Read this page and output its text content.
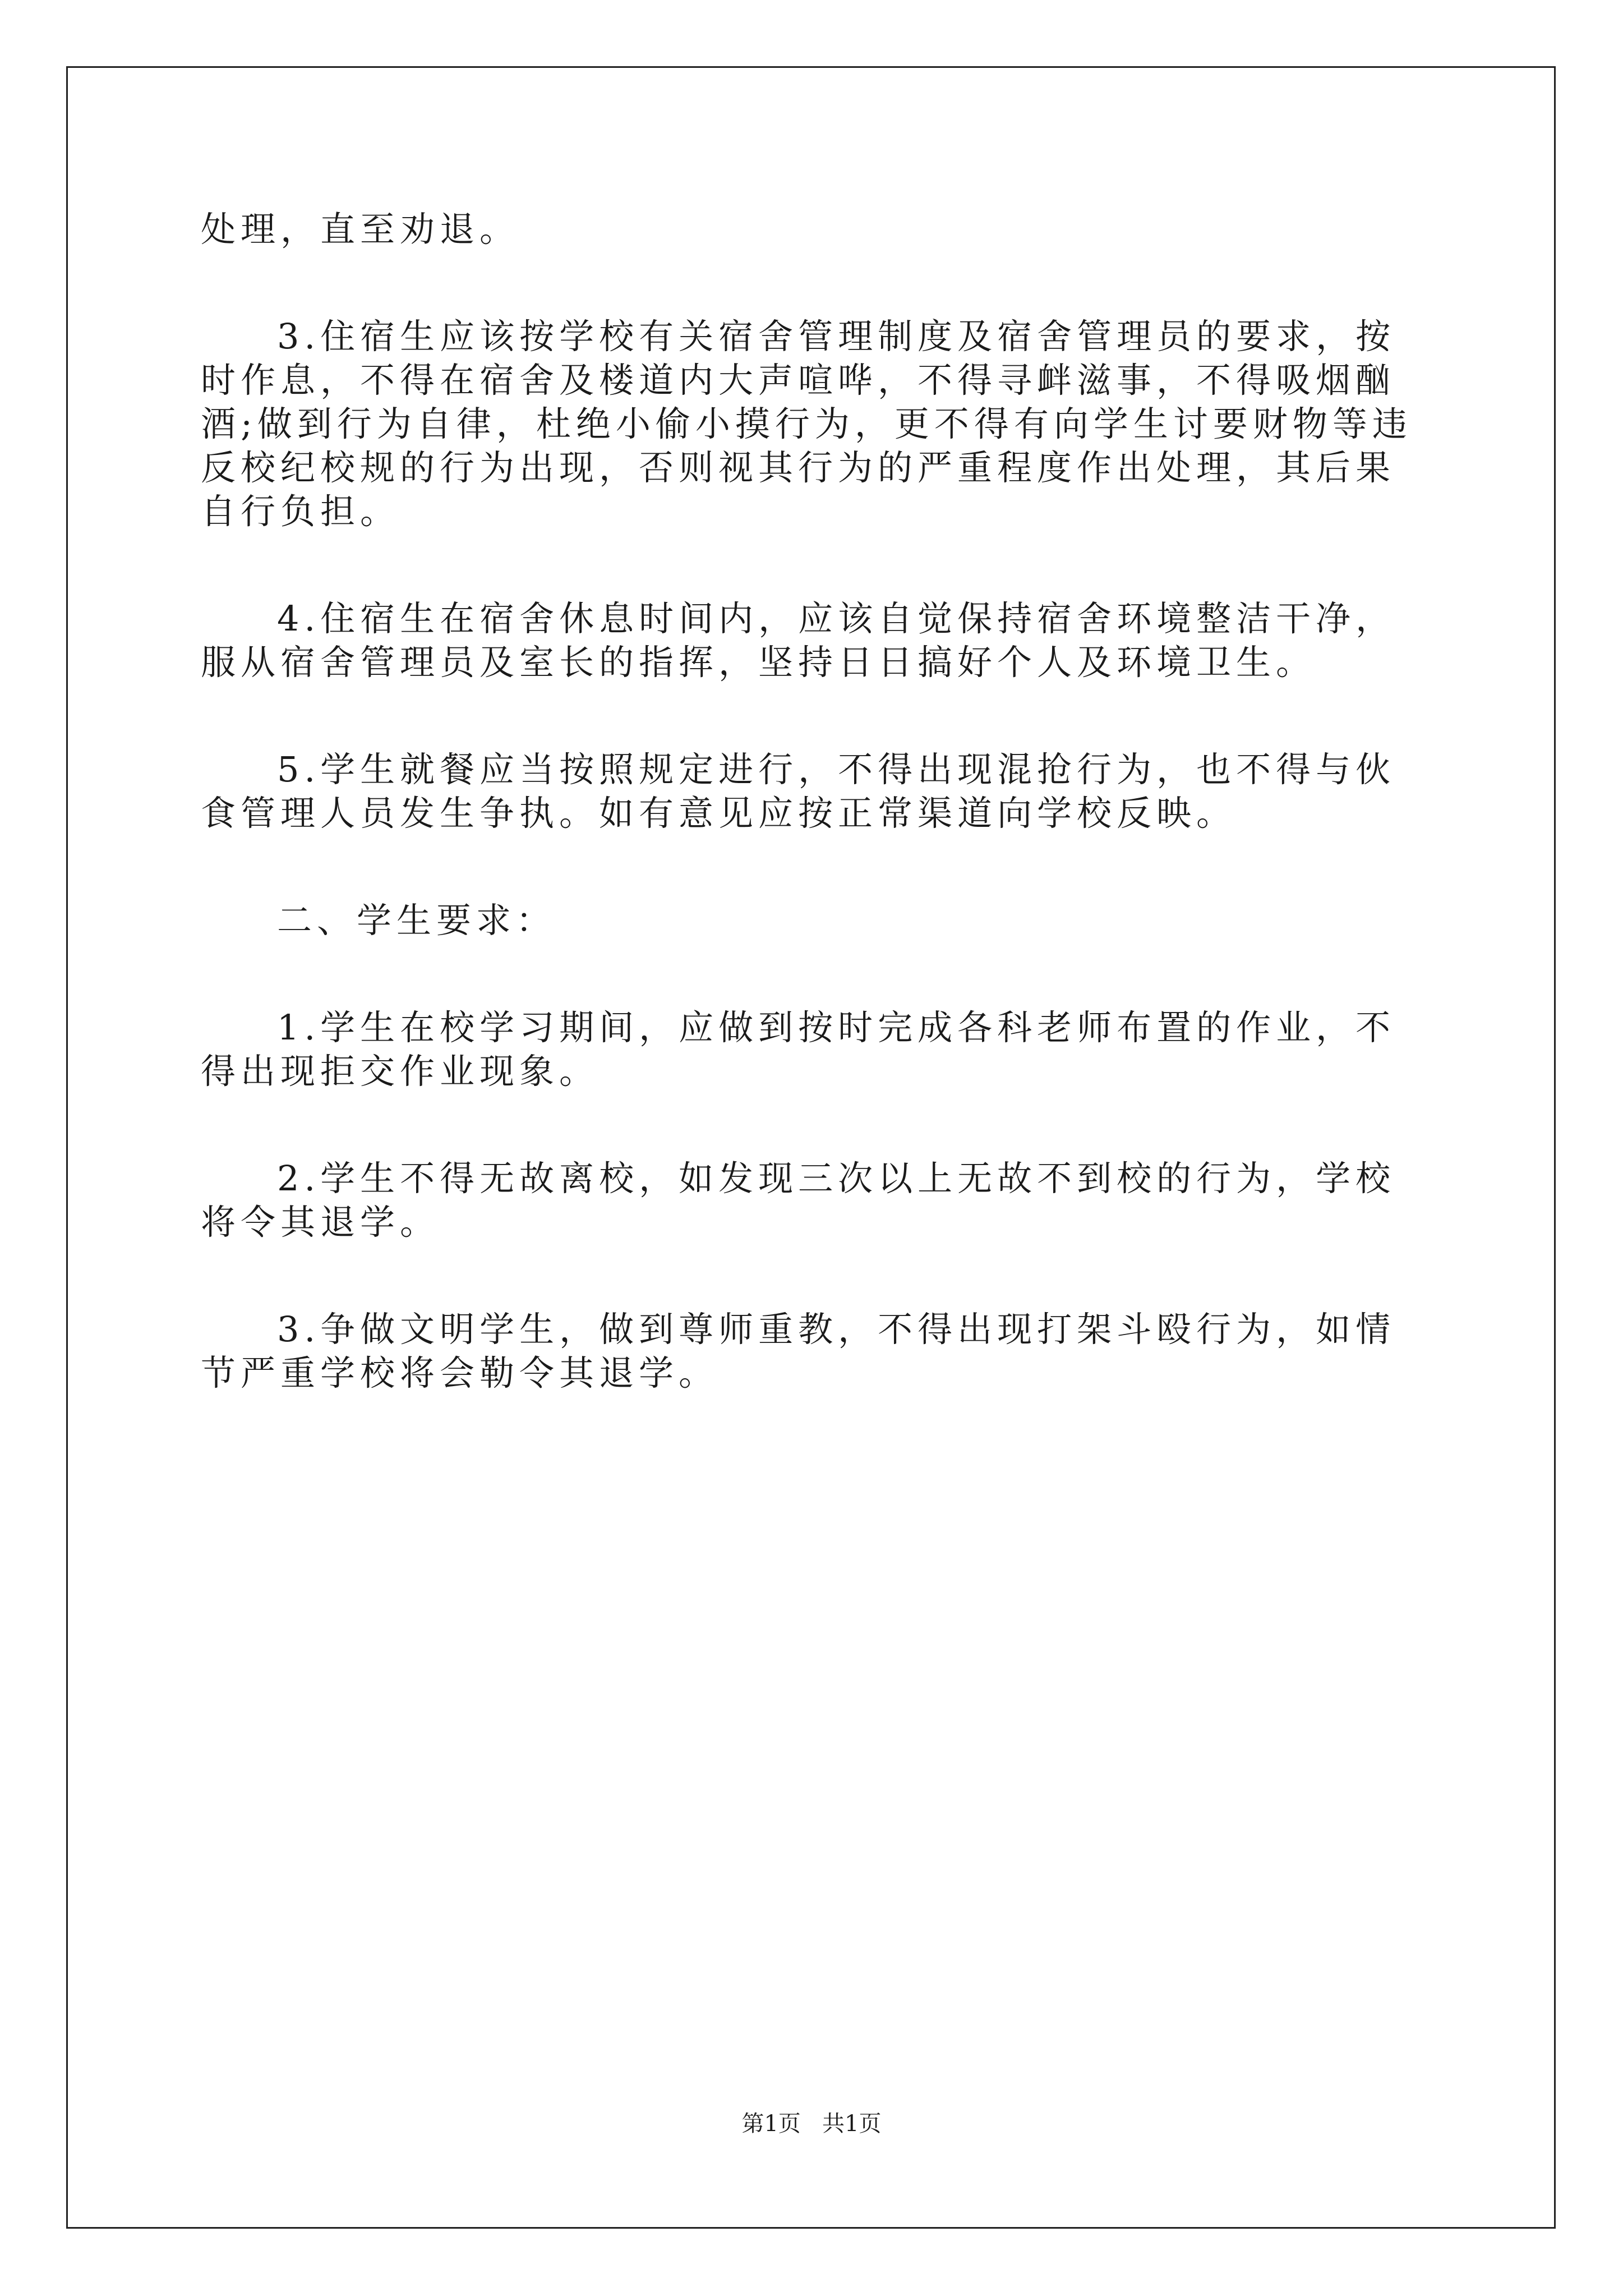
处理，直至劝退。

3.住宿生应该按学校有关宿舍管理制度及宿舍管理员的要求，按

时作息，不得在宿舍及楼道内大声喧哗，不得寻衅滋事，不得吸烟酗

酒;做到行为自律，杜绝小偷小摸行为，更不得有向学生讨要财物等违

反校纪校规的行为出现，否则视其行为的严重程度作出处理，其后果

自行负担。

4.住宿生在宿舍休息时间内，应该自觉保持宿舍环境整洁干净，

服从宿舍管理员及室长的指挥，坚持日日搞好个人及环境卫生。

5.学生就餐应当按照规定进行，不得出现混抢行为，也不得与伙

食管理人员发生争执。如有意见应按正常渠道向学校反映。

二、学生要求：

1.学生在校学习期间，应做到按时完成各科老师布置的作业，不

得出现拒交作业现象。

2.学生不得无故离校，如发现三次以上无故不到校的行为，学校

将令其退学。

3.争做文明学生，做到尊师重教，不得出现打架斗殴行为，如情

节严重学校将会勒令其退学。

第1页   共1页
